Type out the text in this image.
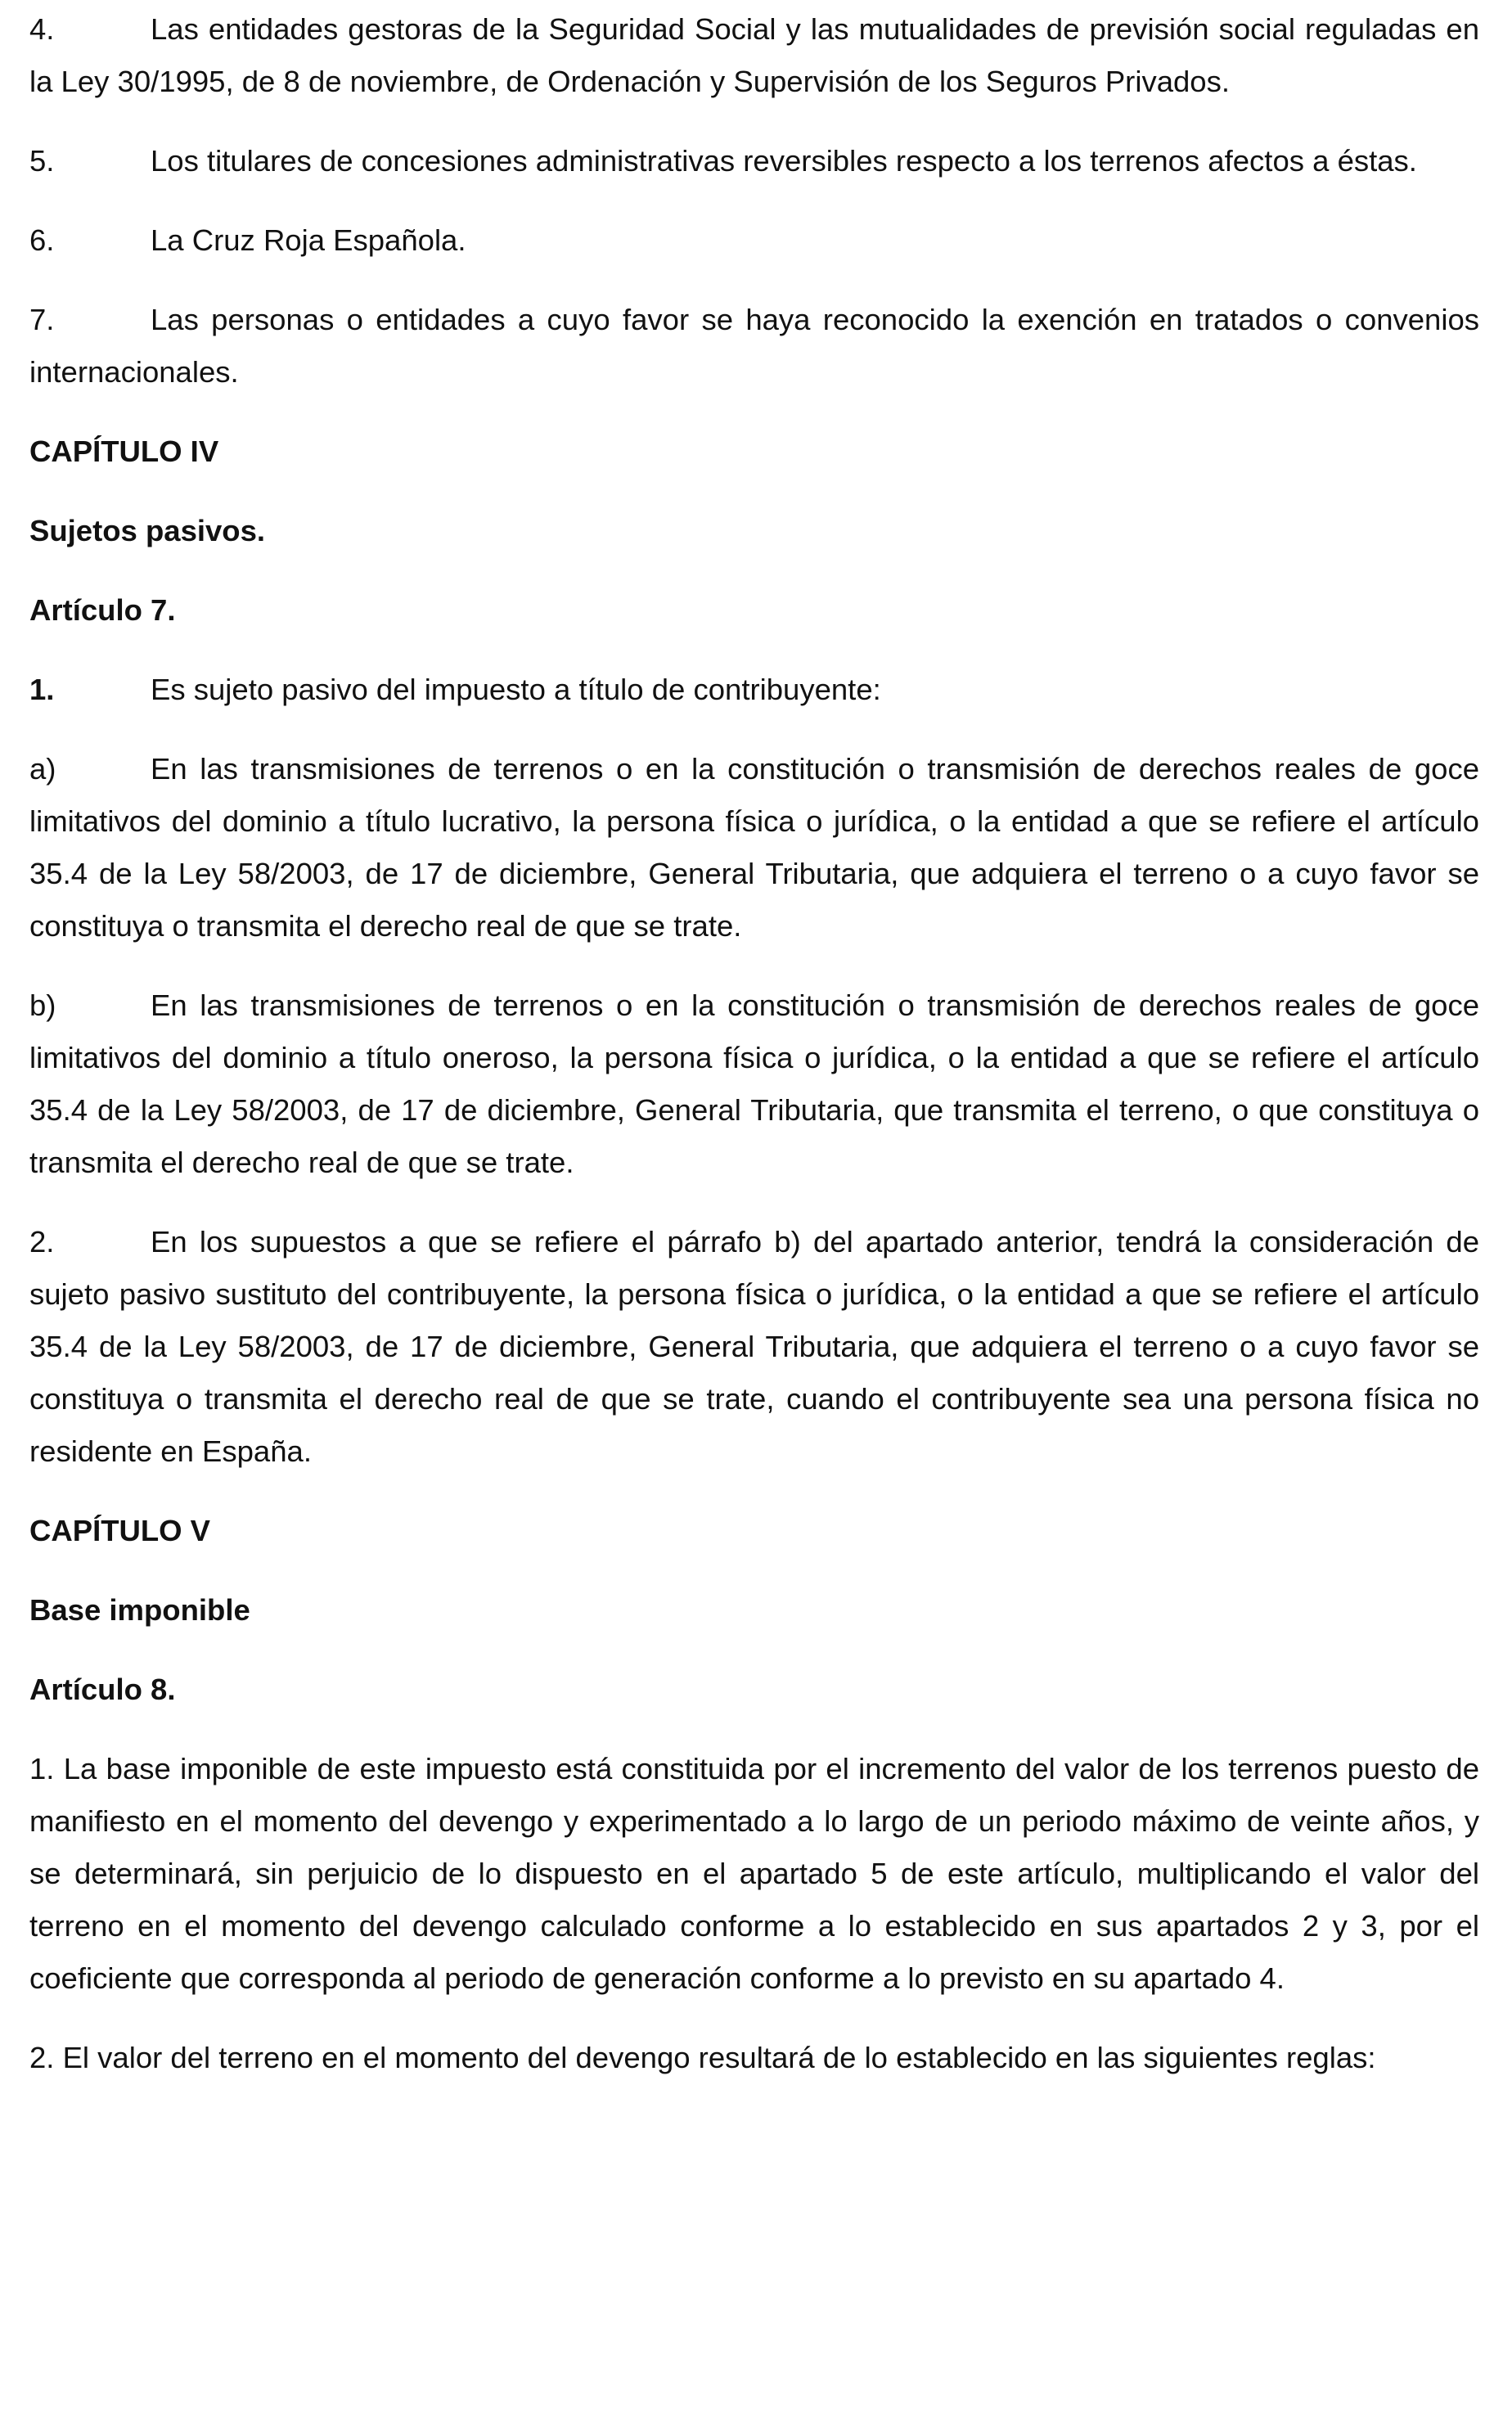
4.	Las entidades gestoras de la Seguridad Social y las mutualidades de previsión social reguladas en la Ley 30/1995, de 8 de noviembre, de Ordenación y Supervisión de los Seguros Privados.

5.	Los titulares de concesiones administrativas reversibles respecto a los terrenos afectos a éstas.

6.	La Cruz Roja Española.

7.	Las personas o entidades a cuyo favor se haya reconocido la exención en tratados o convenios internacionales.

CAPÍTULO IV

Sujetos pasivos.

Artículo 7.

1.	Es sujeto pasivo del impuesto a título de contribuyente:

a)	En las transmisiones de terrenos o en la constitución o transmisión de derechos reales de goce limitativos del dominio a título lucrativo, la persona física o jurídica, o la entidad a que se refiere el artículo 35.4 de la Ley 58/2003, de 17 de diciembre, General Tributaria, que adquiera el terreno o a cuyo favor se constituya o transmita el derecho real de que se trate.

b)	En las transmisiones de terrenos o en la constitución o transmisión de derechos reales de goce limitativos del dominio a título oneroso, la persona física o jurídica, o la entidad a que se refiere el artículo 35.4 de la Ley 58/2003, de 17 de diciembre, General Tributaria, que transmita el terreno, o que constituya o transmita el derecho real de que se trate.

2.	En los supuestos a que se refiere el párrafo b) del apartado anterior, tendrá la consideración de sujeto pasivo sustituto del contribuyente, la persona física o jurídica, o la entidad a que se refiere el artículo 35.4 de la Ley 58/2003, de 17 de diciembre, General Tributaria, que adquiera el terreno o a cuyo favor se constituya o transmita el derecho real de que se trate, cuando el contribuyente sea una persona física no residente en España.

CAPÍTULO V

Base imponible

Artículo 8.

1. La base imponible de este impuesto está constituida por el incremento del valor de los terrenos puesto de manifiesto en el momento del devengo y experimentado a lo largo de un periodo máximo de veinte años, y se determinará, sin perjuicio de lo dispuesto en el apartado 5 de este artículo, multiplicando el valor del terreno en el momento del devengo calculado conforme a lo establecido en sus apartados 2 y 3, por el coeficiente que corresponda al periodo de generación conforme a lo previsto en su apartado 4.

2. El valor del terreno en el momento del devengo resultará de lo establecido en las siguientes reglas:
